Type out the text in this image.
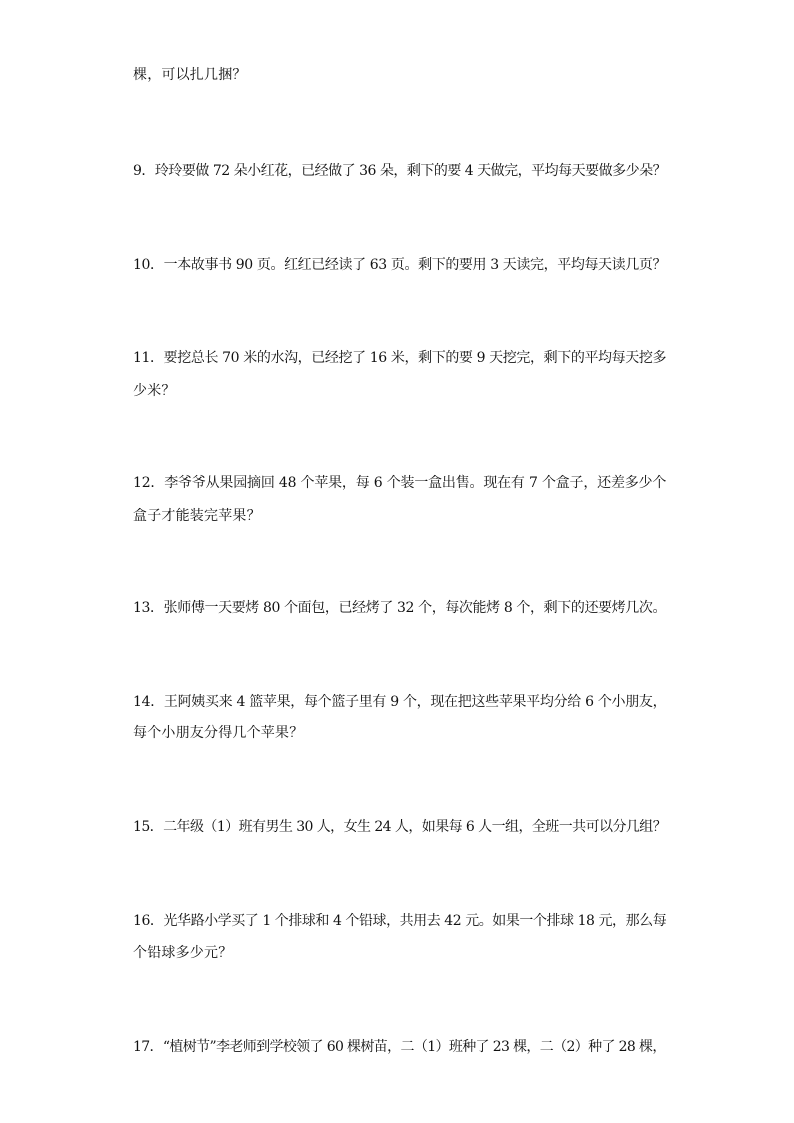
棵，可以扎几捆？
9．玲玲要做 72 朵小红花，已经做了 36 朵，剩下的要 4 天做完，平均每天要做多少朵？
10．一本故事书 90 页。红红已经读了 63 页。剩下的要用 3 天读完，平均每天读几页？
11．要挖总长 70 米的水沟，已经挖了 16 米，剩下的要 9 天挖完，剩下的平均每天挖多
少米？
12．李爷爷从果园摘回 48 个苹果，每 6 个装一盒出售。现在有 7 个盒子，还差多少个
盒子才能装完苹果？
13．张师傅一天要烤 80 个面包，已经烤了 32 个，每次能烤 8 个，剩下的还要烤几次。
14．王阿姨买来 4 篮苹果，每个篮子里有 9 个，现在把这些苹果平均分给 6 个小朋友，
每个小朋友分得几个苹果？
15．二年级（1）班有男生 30 人，女生 24 人，如果每 6 人一组，全班一共可以分几组？
16．光华路小学买了 1 个排球和 4 个铅球，共用去 42 元。如果一个排球 18 元，那么每
个铅球多少元？
17．“植树节”李老师到学校领了 60 棵树苗，二（1）班种了 23 棵，二（2）种了 28 棵，
